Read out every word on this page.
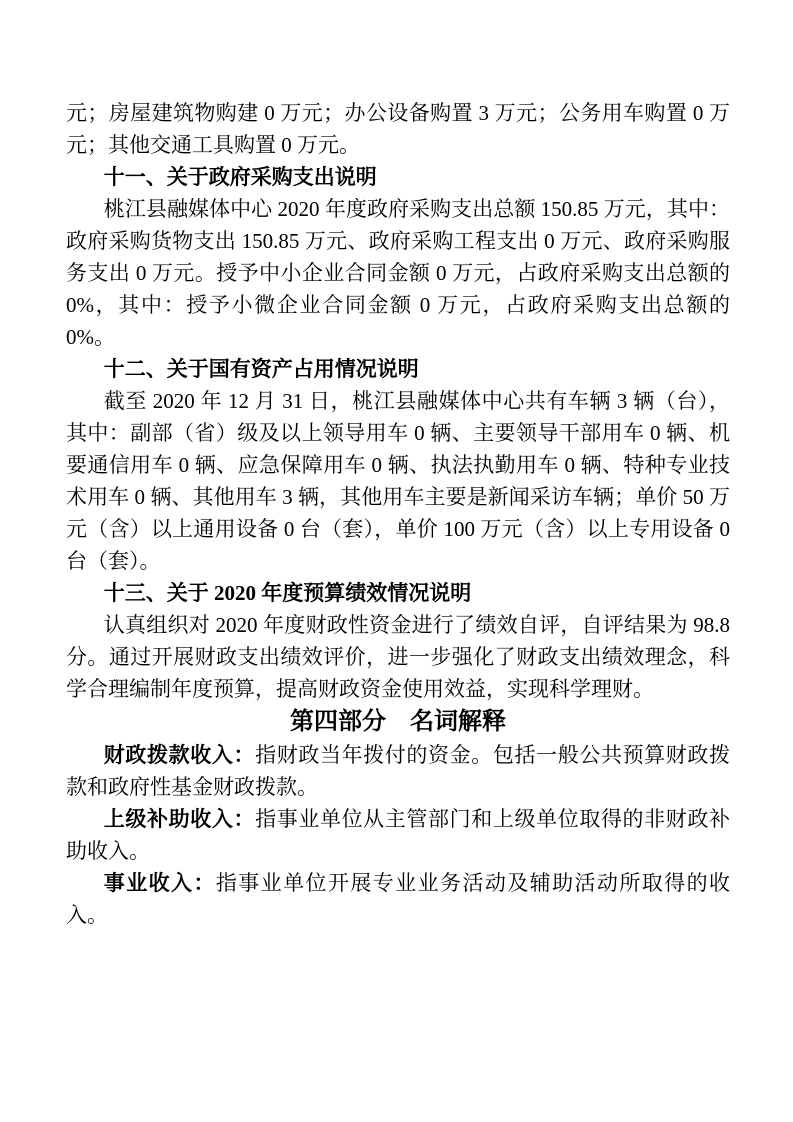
元；房屋建筑物购建 0 万元；办公设备购置 3 万元；公务用车购置 0 万元；其他交通工具购置 0 万元。

十一、关于政府采购支出说明

桃江县融媒体中心 2020 年度政府采购支出总额 150.85 万元，其中：政府采购货物支出 150.85 万元、政府采购工程支出 0 万元、政府采购服务支出 0 万元。授予中小企业合同金额 0 万元，占政府采购支出总额的 0%，其中：授予小微企业合同金额 0 万元，占政府采购支出总额的 0%。

十二、关于国有资产占用情况说明

截至 2020 年 12 月 31 日，桃江县融媒体中心共有车辆 3 辆（台），其中：副部（省）级及以上领导用车 0 辆、主要领导干部用车 0 辆、机要通信用车 0 辆、应急保障用车 0 辆、执法执勤用车 0 辆、特种专业技术用车 0 辆、其他用车 3 辆，其他用车主要是新闻采访车辆；单价 50 万元（含）以上通用设备 0 台（套），单价 100 万元（含）以上专用设备 0 台（套）。

十三、关于 2020 年度预算绩效情况说明

认真组织对 2020 年度财政性资金进行了绩效自评，自评结果为 98.8 分。通过开展财政支出绩效评价，进一步强化了财政支出绩效理念，科学合理编制年度预算，提高财政资金使用效益，实现科学理财。

第四部分　名词解释

财政拨款收入：指财政当年拨付的资金。包括一般公共预算财政拨款和政府性基金财政拨款。

上级补助收入：指事业单位从主管部门和上级单位取得的非财政补助收入。

事业收入：指事业单位开展专业业务活动及辅助活动所取得的收入。
